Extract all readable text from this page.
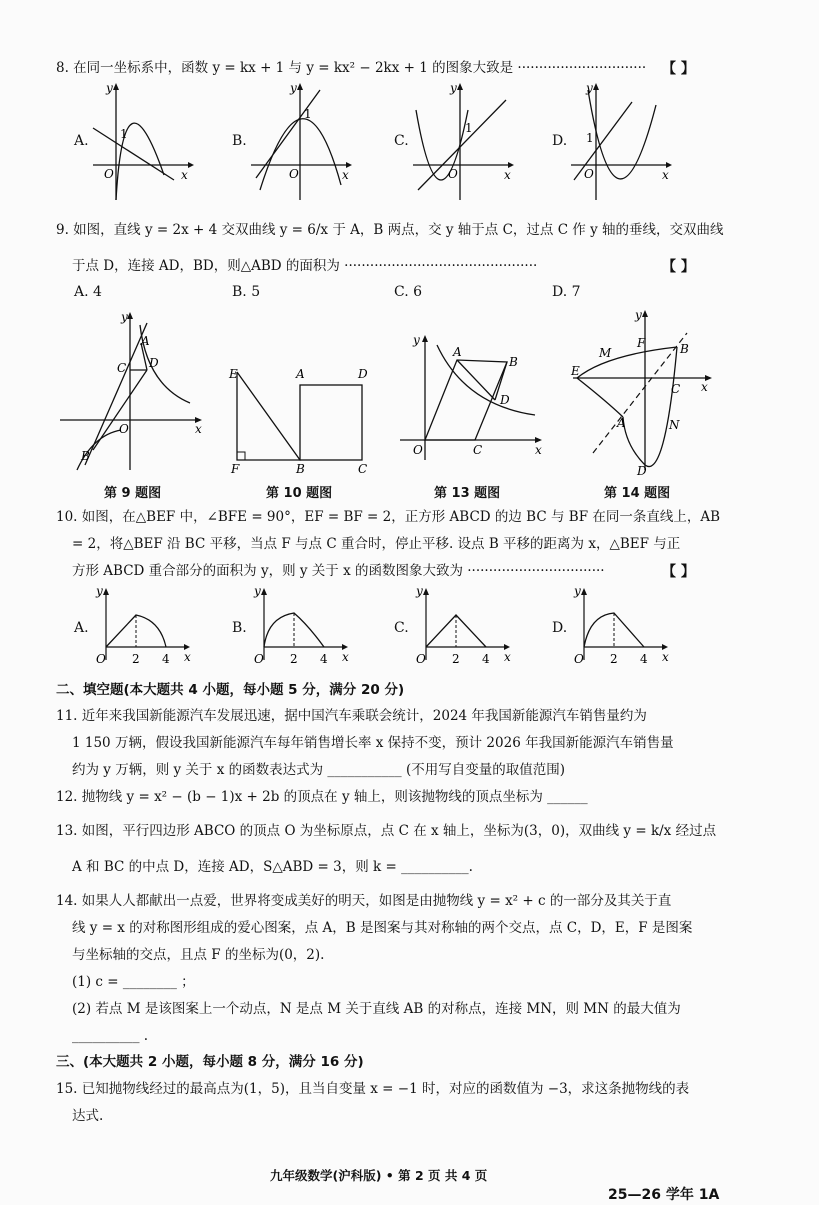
8. 在同一坐标系中，函数 y = kx + 1 与 y = kx² − 2kx + 1 的图象大致是 ······························ 【 】
A.
y
x
O
1	B.
y
x
O
1
C.
y
x
O
1
D.
y
x
O
1
9. 如图，直线 y = 2x + 4 交双曲线 y = 6/x 于 A，B 两点，交 y 轴于点 C，过点 C 作 y 轴的垂线，交双曲线
于点 D，连接 AD，BD，则△ABD 的面积为 ·············································	【 】
A. 4	B. 5	C. 6	D. 7
y
x
O
A
C D
B
第 9 题图
E
F	B	C
A	D
第 10 题图
y
x
O
A
B
D
C
第 13 题图
y
x
E
M
F	B
C
A	N
D
第 14 题图
10. 如图，在△BEF 中，∠BFE = 90°，EF = BF = 2，正方形 ABCD 的边 BC 与 BF 在同一条直线上，AB
= 2，将△BEF 沿 BC 平移，当点 F 与点 C 重合时，停止平移. 设点 B 平移的距离为 x，△BEF 与正
方形 ABCD 重合部分的面积为 y，则 y 关于 x 的函数图象大致为 ································	【 】
A.
y
x
O 2 4
B.
y
x
O 2 4
C.
y
x
O 2 4
D.
y
x
O 2 4
二、填空题(本大题共 4 小题，每小题 5 分，满分 20 分)
11. 近年来我国新能源汽车发展迅速，据中国汽车乘联会统计，2024 年我国新能源汽车销售量约为
1 150 万辆，假设我国新能源汽车每年销售增长率 x 保持不变，预计 2026 年我国新能源汽车销售量
约为 y 万辆，则 y 关于 x 的函数表达式为 ___________ (不用写自变量的取值范围)
12. 抛物线 y = x² − (b − 1)x + 2b 的顶点在 y 轴上，则该抛物线的顶点坐标为 ______
13. 如图，平行四边形 ABCO 的顶点 O 为坐标原点，点 C 在 x 轴上，坐标为(3，0)，双曲线 y = k/x 经过点
A 和 BC 的中点 D，连接 AD，S△ABD = 3，则 k = __________.
14. 如果人人都献出一点爱，世界将变成美好的明天，如图是由抛物线 y = x² + c 的一部分及其关于直
线 y = x 的对称图形组成的爱心图案，点 A，B 是图案与其对称轴的两个交点，点 C，D，E，F 是图案
与坐标轴的交点，且点 F 的坐标为(0，2).
(1) c = ________ ；
(2) 若点 M 是该图案上一个动点，N 是点 M 关于直线 AB 的对称点，连接 MN，则 MN 的最大值为
__________ .
三、(本大题共 2 小题，每小题 8 分，满分 16 分)
15. 已知抛物线经过的最高点为(1，5)，且当自变量 x = −1 时，对应的函数值为 −3，求这条抛物线的表
达式.
九年级数学(沪科版) • 第 2 页 共 4 页
25—26 学年 1A
